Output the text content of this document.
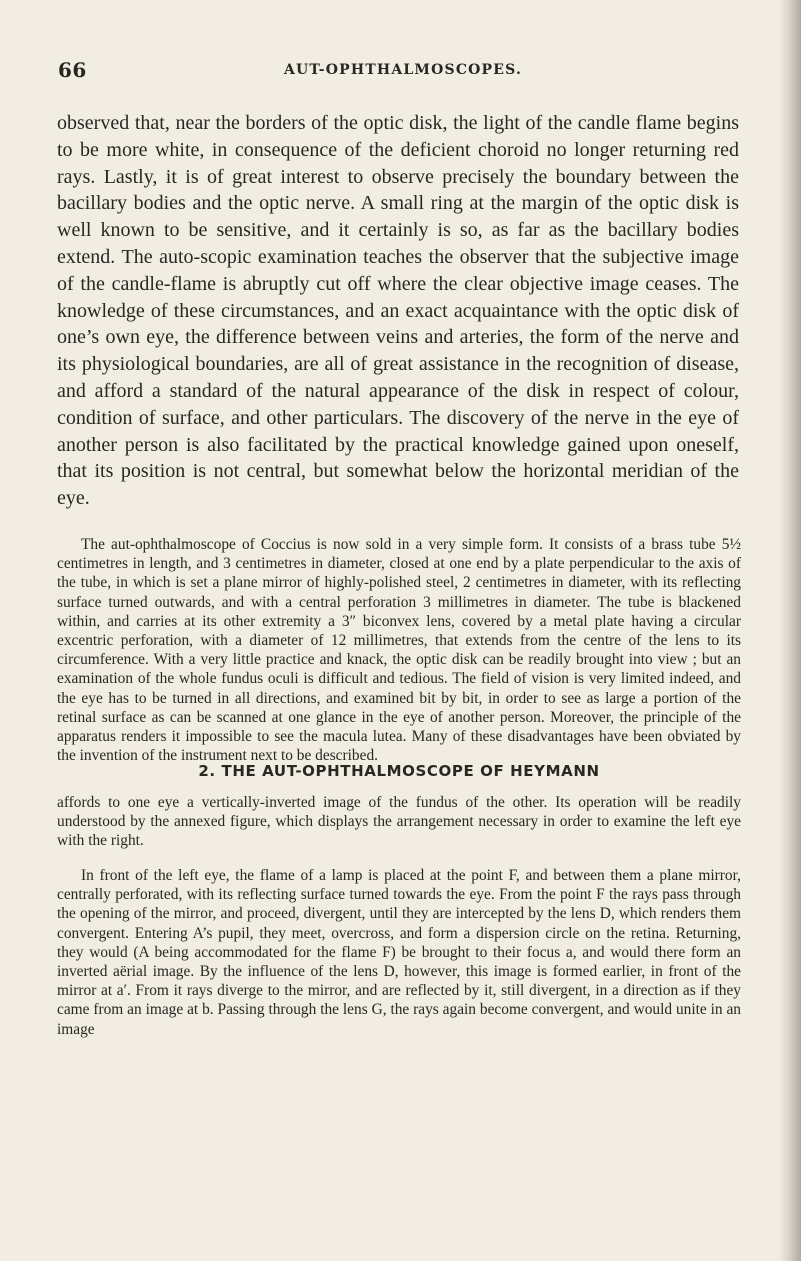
66	AUT-OPHTHALMOSCOPES.

observed that, near the borders of the optic disk, the light of the candle flame begins to be more white, in consequence of the deficient choroid no longer returning red rays. Lastly, it is of great interest to observe precisely the boundary between the bacillary bodies and the optic nerve. A small ring at the margin of the optic disk is well known to be sensitive, and it certainly is so, as far as the bacillary bodies extend. The auto-scopic examination teaches the observer that the subjective image of the candle-flame is abruptly cut off where the clear objective image ceases. The knowledge of these circumstances, and an exact acquaintance with the optic disk of one’s own eye, the difference between veins and arteries, the form of the nerve and its physiological boundaries, are all of great assistance in the recognition of disease, and afford a standard of the natural appearance of the disk in respect of colour, condition of surface, and other particulars. The discovery of the nerve in the eye of another person is also facilitated by the practical knowledge gained upon oneself, that its position is not central, but somewhat below the horizontal meridian of the eye.

The aut-ophthalmoscope of Coccius is now sold in a very simple form. It consists of a brass tube 5½ centimetres in length, and 3 centimetres in diameter, closed at one end by a plate perpendicular to the axis of the tube, in which is set a plane mirror of highly-polished steel, 2 centimetres in diameter, with its reflecting surface turned outwards, and with a central perforation 3 millimetres in diameter. The tube is blackened within, and carries at its other extremity a 3″ biconvex lens, covered by a metal plate having a circular excentric perforation, with a diameter of 12 millimetres, that extends from the centre of the lens to its circumference. With a very little practice and knack, the optic disk can be readily brought into view ; but an examination of the whole fundus oculi is difficult and tedious. The field of vision is very limited indeed, and the eye has to be turned in all directions, and examined bit by bit, in order to see as large a portion of the retinal surface as can be scanned at one glance in the eye of another person. Moreover, the principle of the apparatus renders it impossible to see the macula lutea. Many of these disadvantages have been obviated by the invention of the instrument next to be described.

2. THE AUT-OPHTHALMOSCOPE OF HEYMANN

affords to one eye a vertically-inverted image of the fundus of the other. Its operation will be readily understood by the annexed figure, which displays the arrangement necessary in order to examine the left eye with the right.

In front of the left eye, the flame of a lamp is placed at the point F, and between them a plane mirror, centrally perforated, with its reflecting surface turned towards the eye. From the point F the rays pass through the opening of the mirror, and proceed, divergent, until they are intercepted by the lens D, which renders them convergent. Entering A’s pupil, they meet, overcross, and form a dispersion circle on the retina. Returning, they would (A being accommodated for the flame F) be brought to their focus a, and would there form an inverted aërial image. By the influence of the lens D, however, this image is formed earlier, in front of the mirror at a′. From it rays diverge to the mirror, and are reflected by it, still divergent, in a direction as if they came from an image at b. Passing through the lens G, the rays again become convergent, and would unite in an image
